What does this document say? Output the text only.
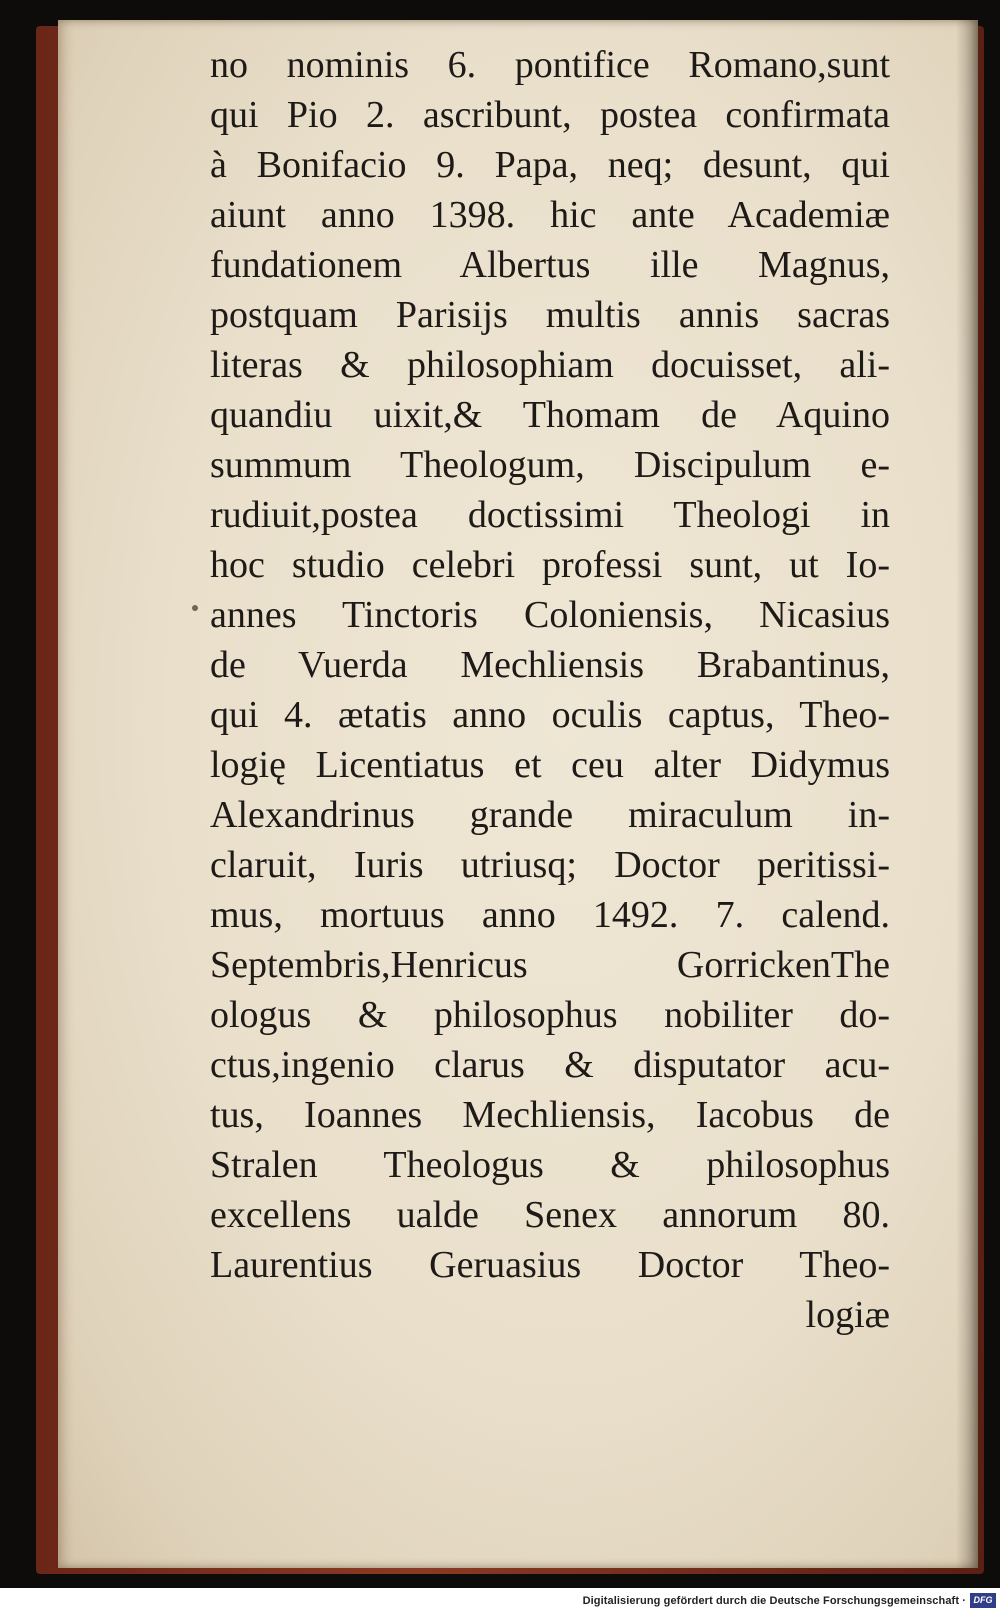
no nominis 6. pontifice Romano,sunt
qui Pio 2. ascribunt, postea confirmata
à Bonifacio 9. Papa, neq; desunt, qui
aiunt anno 1398. hic ante Academiæ
fundationem Albertus ille Magnus,
postquam Parisijs multis annis sacras
literas & philosophiam docuisset, ali-
quandiu uixit,& Thomam de Aquino
summum Theologum, Discipulum e-
rudiuit,postea doctissimi Theologi in
hoc studio celebri professi sunt, ut Io-
annes Tinctoris Coloniensis, Nicasius
de Vuerda Mechliensis Brabantinus,
qui 4. ætatis anno oculis captus, Theo-
logię Licentiatus et ceu alter Didymus
Alexandrinus grande miraculum in-
claruit, Iuris utriusq; Doctor peritissi-
mus, mortuus anno 1492. 7. calend.
Septembris,Henricus GorrickenThe
ologus & philosophus nobiliter do-
ctus,ingenio clarus & disputator acu-
tus, Ioannes Mechliensis, Iacobus de
Stralen Theologus & philosophus
excellens ualde Senex annorum 80.
Laurentius Geruasius Doctor Theo-
logiæ
Digitalisierung gefördert durch die Deutsche Forschungsgemeinschaft · DFG
